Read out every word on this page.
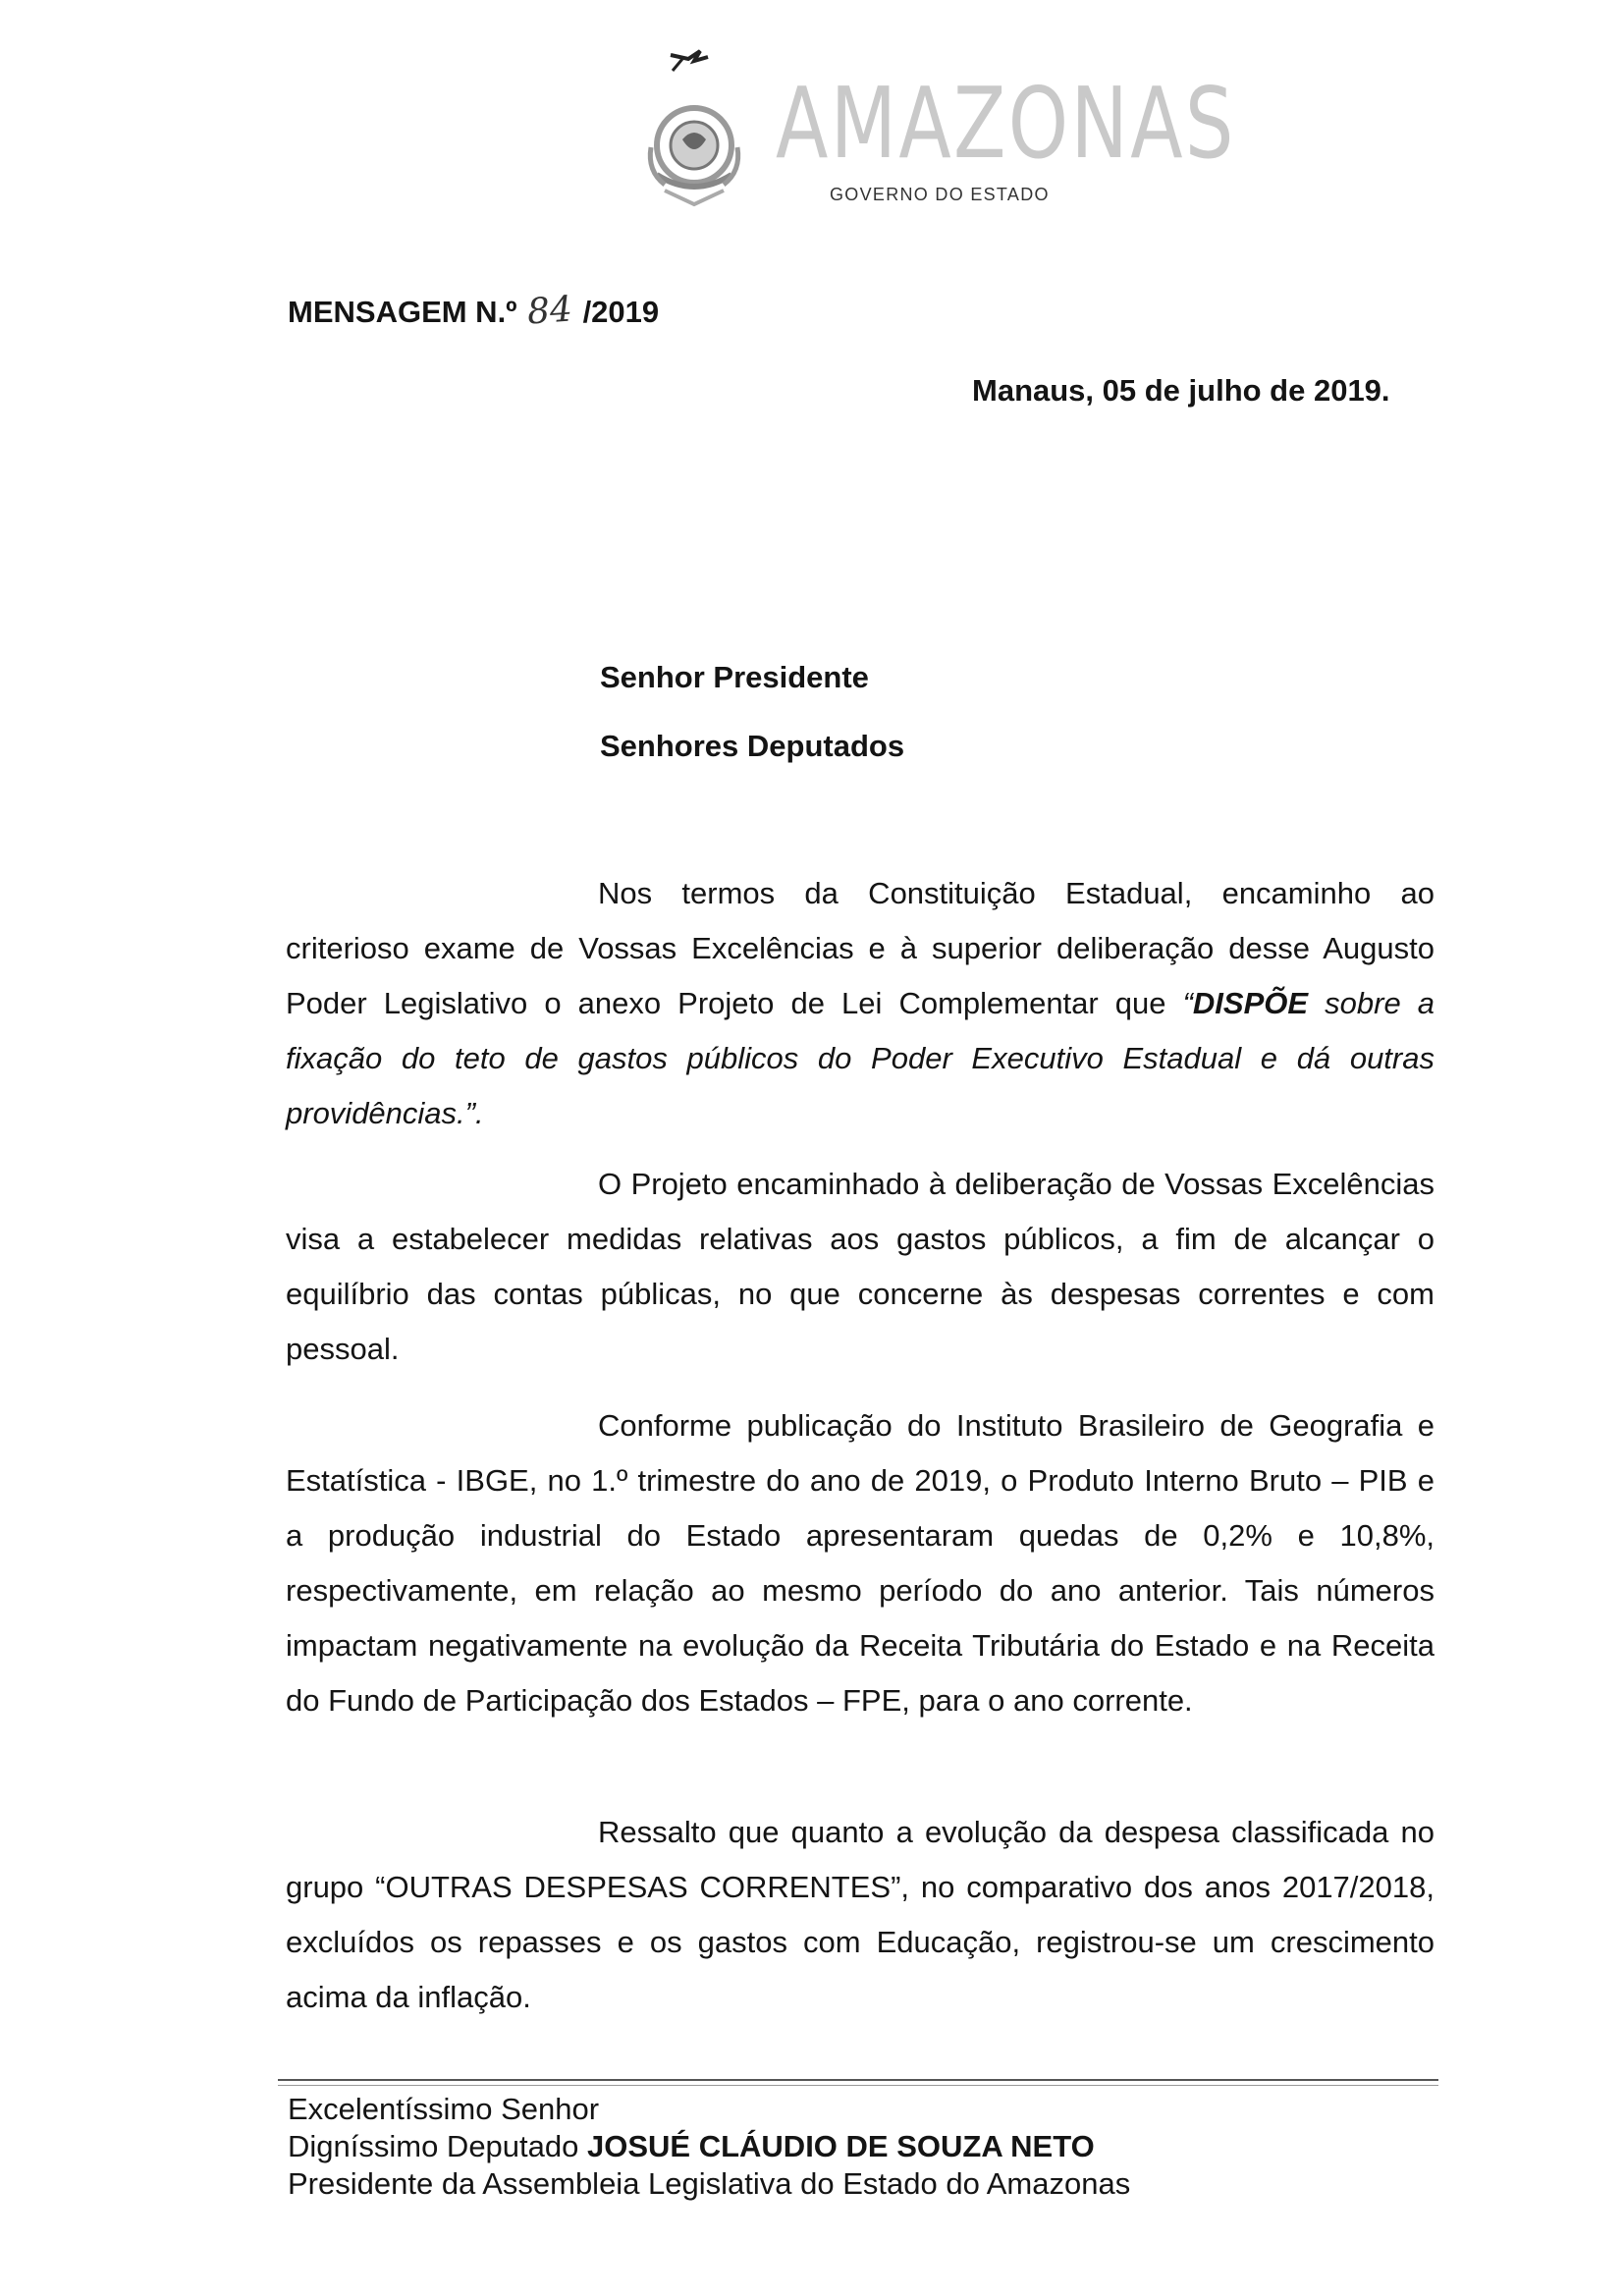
AMAZONAS
GOVERNO DO ESTADO
MENSAGEM N.º 84 /2019
Manaus, 05 de julho de 2019.
Senhor Presidente
Senhores Deputados
Nos termos da Constituição Estadual, encaminho ao criterioso exame de Vossas Excelências e à superior deliberação desse Augusto Poder Legislativo o anexo Projeto de Lei Complementar que “DISPÕE sobre a fixação do teto de gastos públicos do Poder Executivo Estadual e dá outras providências.”.
O Projeto encaminhado à deliberação de Vossas Excelências visa a estabelecer medidas relativas aos gastos públicos, a fim de alcançar o equilíbrio das contas públicas, no que concerne às despesas correntes e com pessoal.
Conforme publicação do Instituto Brasileiro de Geografia e Estatística - IBGE, no 1.º trimestre do ano de 2019, o Produto Interno Bruto – PIB e a produção industrial do Estado apresentaram quedas de 0,2% e 10,8%, respectivamente, em relação ao mesmo período do ano anterior. Tais números impactam negativamente na evolução da Receita Tributária do Estado e na Receita do Fundo de Participação dos Estados – FPE, para o ano corrente.
Ressalto que quanto a evolução da despesa classificada no grupo “OUTRAS DESPESAS CORRENTES”, no comparativo dos anos 2017/2018, excluídos os repasses e os gastos com Educação, registrou-se um crescimento acima da inflação.
Excelentíssimo Senhor
Digníssimo Deputado JOSUÉ CLÁUDIO DE SOUZA NETO
Presidente da Assembleia Legislativa do Estado do Amazonas
